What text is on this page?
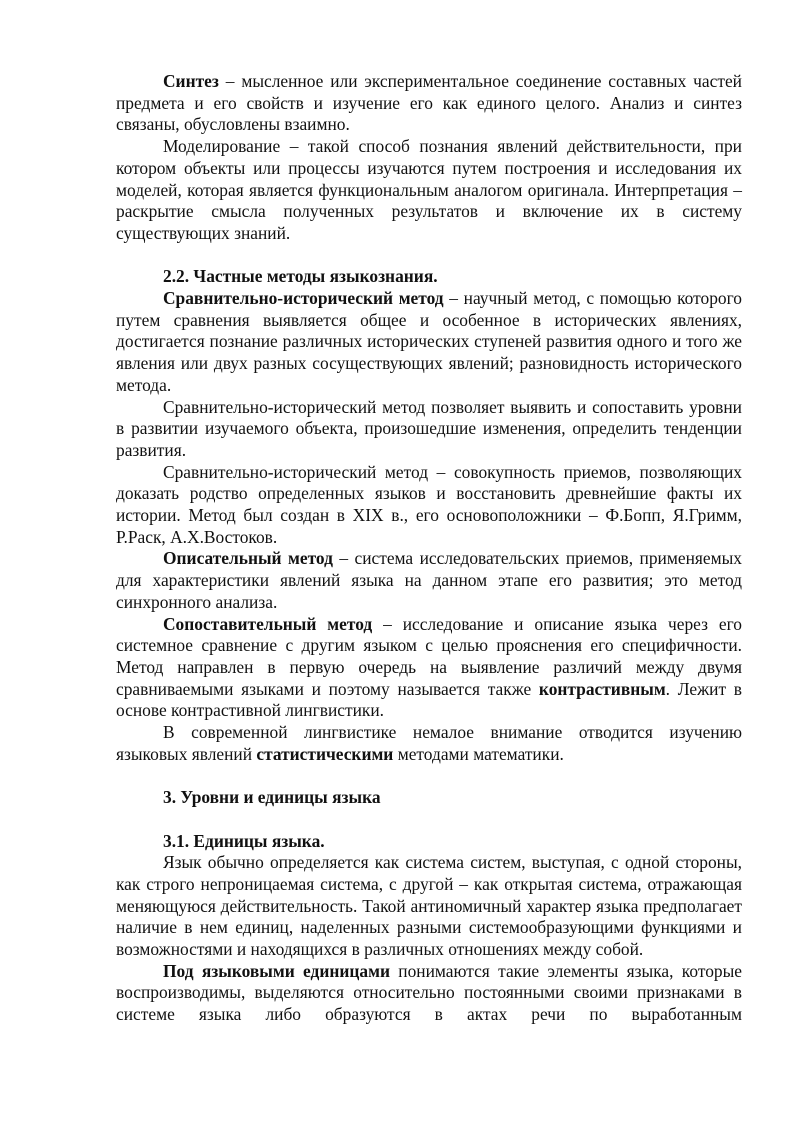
Синтез – мысленное или экспериментальное соединение составных частей предмета и его свойств и изучение его как единого целого. Анализ и синтез связаны, обусловлены взаимно.

Моделирование – такой способ познания явлений действительности, при котором объекты или процессы изучаются путем построения и исследования их моделей, которая является функциональным аналогом оригинала. Интерпретация – раскрытие смысла полученных результатов и включение их в систему существующих знаний.

2.2. Частные методы языкознания.

Сравнительно-исторический метод – научный метод, с помощью которого путем сравнения выявляется общее и особенное в исторических явлениях, достигается познание различных исторических ступеней развития одного и того же явления или двух разных сосуществующих явлений; разновидность исторического метода.

Сравнительно-исторический метод позволяет выявить и сопоставить уровни в развитии изучаемого объекта, произошедшие изменения, определить тенденции развития.

Сравнительно-исторический метод – совокупность приемов, позволяющих доказать родство определенных языков и восстановить древнейшие факты их истории. Метод был создан в XIX в., его основоположники – Ф.Бопп, Я.Гримм, Р.Раск, А.Х.Востоков.

Описательный метод – система исследовательских приемов, применяемых для характеристики явлений языка на данном этапе его развития; это метод синхронного анализа.

Сопоставительный метод – исследование и описание языка через его системное сравнение с другим языком с целью прояснения его специфичности. Метод направлен в первую очередь на выявление различий между двумя сравниваемыми языками и поэтому называется также контрастивным. Лежит в основе контрастивной лингвистики.

В современной лингвистике немалое внимание отводится изучению языковых явлений статистическими методами математики.

3. Уровни и единицы языка

3.1. Единицы языка.

Язык обычно определяется как система систем, выступая, с одной стороны, как строго непроницаемая система, с другой – как открытая система, отражающая меняющуюся действительность. Такой антиномичный характер языка предполагает наличие в нем единиц, наделенных разными системообразующими функциями и возможностями и находящихся в различных отношениях между собой.

Под языковыми единицами понимаются такие элементы языка, которые воспроизводимы, выделяются относительно постоянными своими признаками в системе языка либо образуются в актах речи по выработанным
